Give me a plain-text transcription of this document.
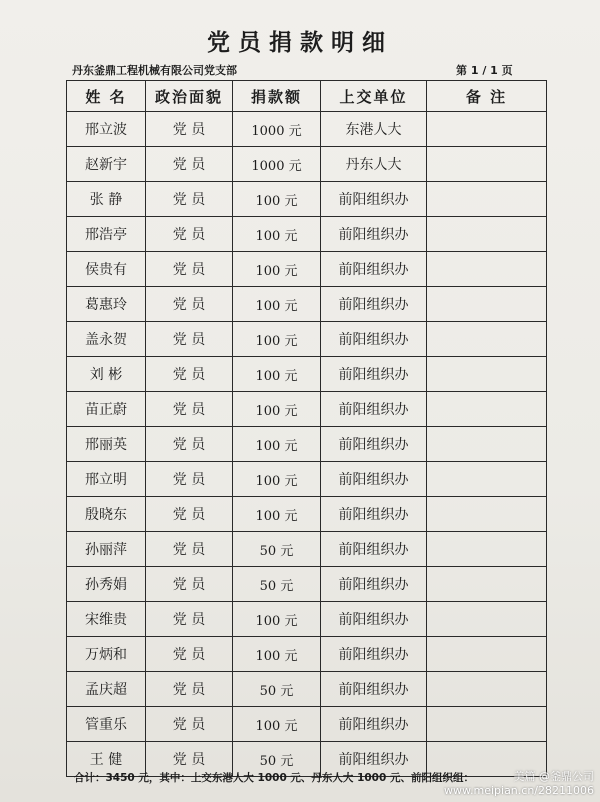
党员捐款明细
丹东釜鼎工程机械有限公司党支部	第 1 / 1 页
姓 名	政治面貌	捐款额	上交单位	备 注
邢立波	党 员	1000 元	东港人大	
赵新宇	党 员	1000 元	丹东人大	
张 静	党 员	100 元	前阳组织办	
邢浩亭	党 员	100 元	前阳组织办	
侯贵有	党 员	100 元	前阳组织办	
葛惠玲	党 员	100 元	前阳组织办	
盖永贺	党 员	100 元	前阳组织办	
刘 彬	党 员	100 元	前阳组织办	
苗正蔚	党 员	100 元	前阳组织办	
邢丽英	党 员	100 元	前阳组织办	
邢立明	党 员	100 元	前阳组织办	
殷晓东	党 员	100 元	前阳组织办	
孙丽萍	党 员	50 元	前阳组织办	
孙秀娟	党 员	50 元	前阳组织办	
宋维贵	党 员	100 元	前阳组织办	
万炳和	党 员	100 元	前阳组织办	
孟庆超	党 员	50 元	前阳组织办	
管重乐	党 员	100 元	前阳组织办	
王 健	党 员	50 元	前阳组织办	
合计：3450 元，其中：上交东港人大 1000 元、丹东人大 1000 元、前阳组织组：	美篇 @釜鼎公司
www.meipian.cn/28211006
